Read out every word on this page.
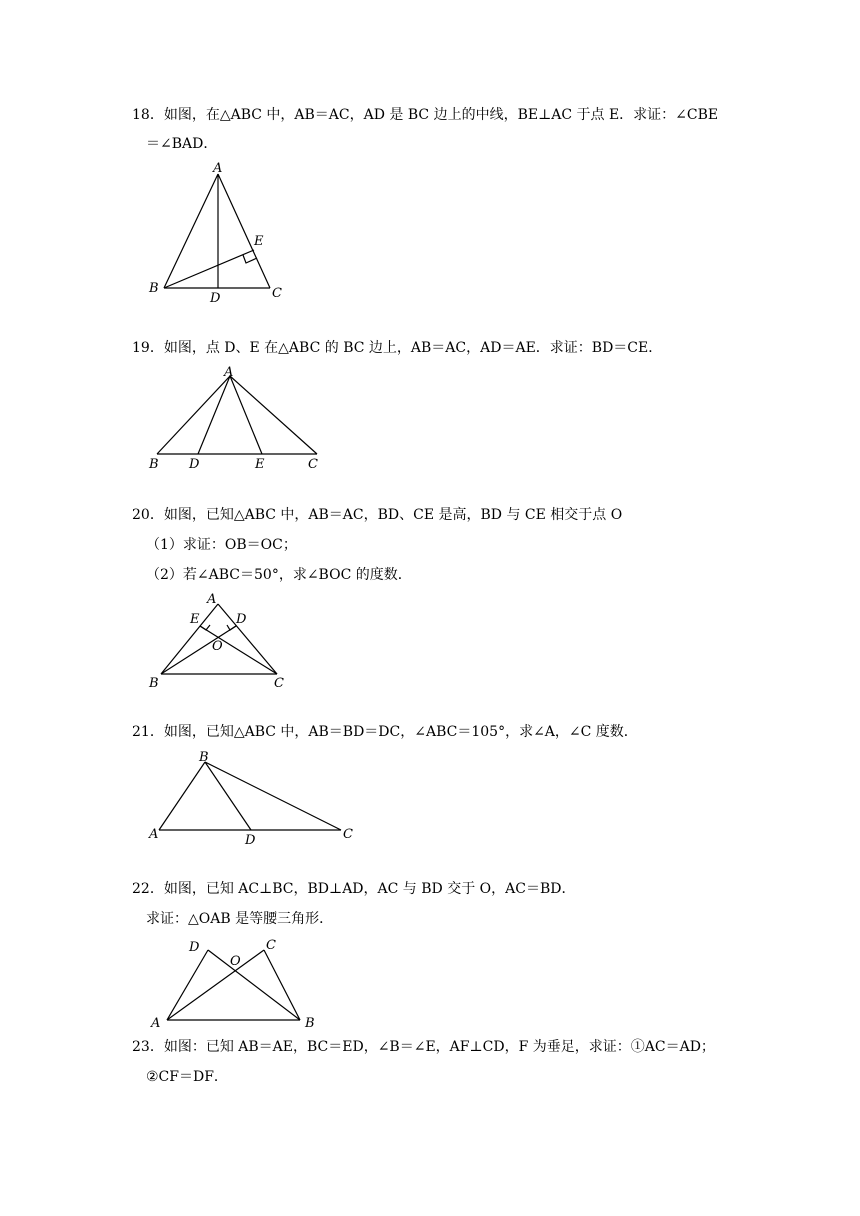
18．如图，在△ABC 中，AB＝AC，AD 是 BC 边上的中线，BE⊥AC 于点 E．求证：∠CBE
＝∠BAD．
A
B	C
D
E
19．如图，点 D、E 在△ABC 的 BC 边上，AB＝AC，AD＝AE．求证：BD＝CE．
A
B D	E	C
20．如图，已知△ABC 中，AB＝AC，BD、CE 是高，BD 与 CE 相交于点 O
（1）求证：OB＝OC；
（2）若∠ABC＝50°，求∠BOC 的度数．
A
E	D
O
B	C
21．如图，已知△ABC 中，AB＝BD＝DC，∠ABC＝105°，求∠A，∠C 度数．
B
A	D	C
22．如图，已知 AC⊥BC，BD⊥AD，AC 与 BD 交于 O，AC＝BD．
求证：△OAB 是等腰三角形．
D	C
O
A	B
23．如图：已知 AB＝AE，BC＝ED，∠B＝∠E，AF⊥CD，F 为垂足，求证：①AC＝AD；
②CF＝DF．
